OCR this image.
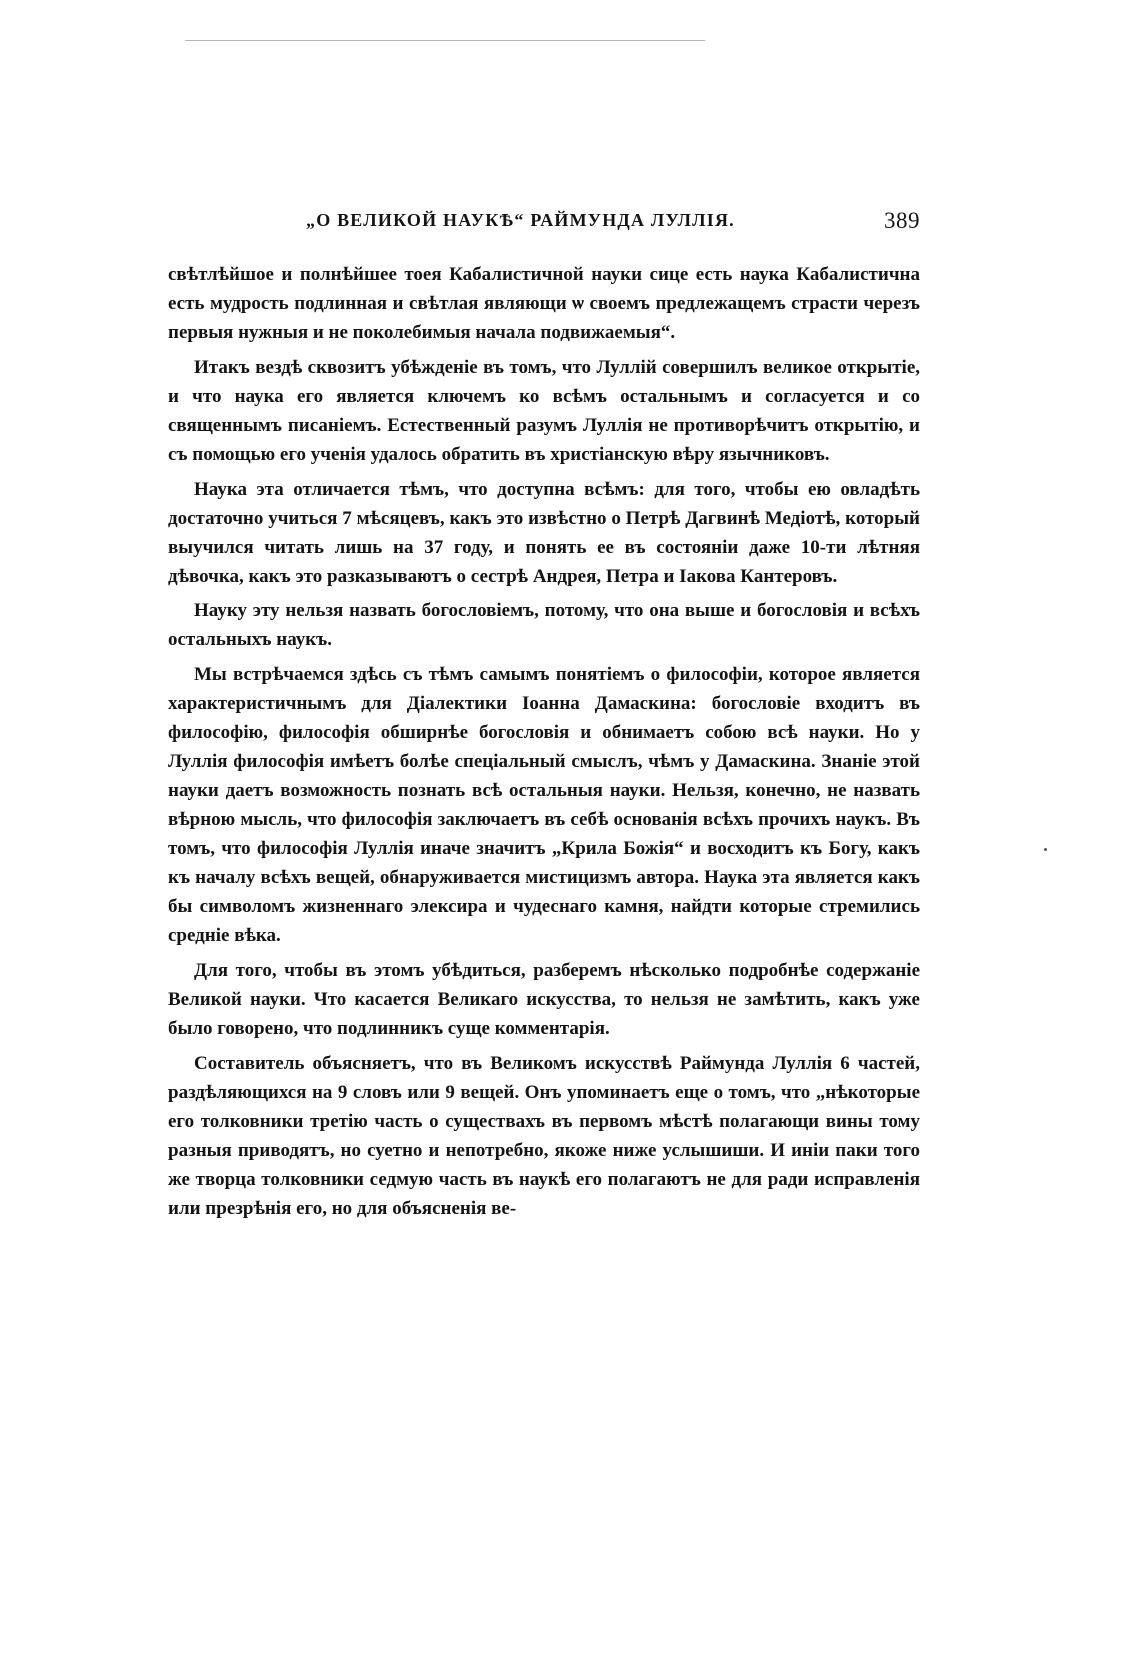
„О ВЕЛИКОЙ НАУКѢ“ РАЙМУНДА ЛУЛЛІЯ.	389

свѣтлѣйшое и полнѣйшее тоея Кабалистичной науки сице есть наука Кабалистична есть мудрость подлинная и свѣтлая являющи ѡ своемъ предлежащемъ страсти черезъ первыя нужныя и не поколебимыя начала подвижаемыя“.

Итакъ вездѣ сквозитъ убѣжденіе въ томъ, что Луллій совершилъ великое открытіе, и что наука его является ключемъ ко всѣмъ остальнымъ и согласуется и со священнымъ писаніемъ. Естественный разумъ Луллія не противорѣчитъ открытію, и съ помощью его ученія удалось обратить въ христіанскую вѣру язычниковъ.

Наука эта отличается тѣмъ, что доступна всѣмъ: для того, чтобы ею овладѣть достаточно учиться 7 мѣсяцевъ, какъ это извѣстно о Петрѣ Дагвинѣ Медіотѣ, который выучился читать лишь на 37 году, и понять ее въ состояніи даже 10-ти лѣтняя дѣвочка, какъ это разказываютъ о сестрѣ Андрея, Петра и Іакова Кантеровъ.

Науку эту нельзя назвать богословіемъ, потому, что она выше и богословія и всѣхъ остальныхъ наукъ.

Мы встрѣчаемся здѣсь съ тѣмъ самымъ понятіемъ о философіи, которое является характеристичнымъ для Діалектики Іоанна Дамаскина: богословіе входитъ въ философію, философія обширнѣе богословія и обнимаетъ собою всѣ науки. Но у Луллія философія имѣетъ болѣе спеціальный смыслъ, чѣмъ у Дамаскина. Знаніе этой науки даетъ возможность познать всѣ остальныя науки. Нельзя, конечно, не назвать вѣрною мысль, что философія заключаетъ въ себѣ основанія всѣхъ прочихъ наукъ. Въ томъ, что философія Луллія иначе значитъ „Крила Божія“ и восходитъ къ Богу, какъ къ началу всѣхъ вещей, обнаруживается мистицизмъ автора. Наука эта является какъ бы символомъ жизненнаго элексира и чудеснаго камня, найдти которые стремились средніе вѣка.

Для того, чтобы въ этомъ убѣдиться, разберемъ нѣсколько подробнѣе содержаніе Великой науки. Что касается Великаго искусства, то нельзя не замѣтить, какъ уже было говорено, что подлинникъ суще комментарія.

Составитель объясняетъ, что въ Великомъ искусствѣ Раймунда Луллія 6 частей, раздѣляющихся на 9 словъ или 9 вещей. Онъ упоминаетъ еще о томъ, что „нѣкоторые его толковники третію часть о существахъ въ первомъ мѣстѣ полагающи вины тому разныя приводятъ, но суетно и непотребно, якоже ниже услышиши. И иніи паки того же творца толковники седмую часть въ наукѣ его полагаютъ не для ради исправленія или презрѣнія его, но для объясненія ве-
